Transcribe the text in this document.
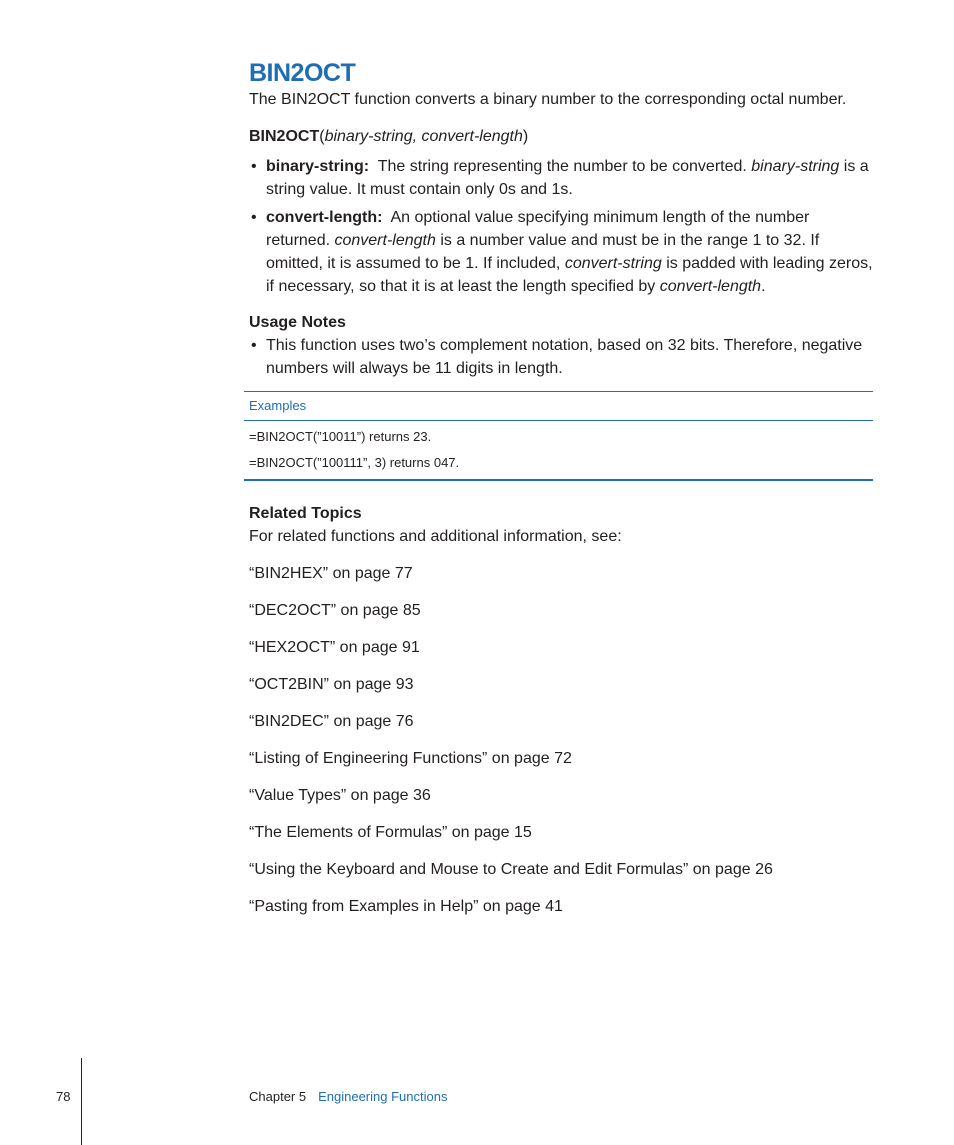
BIN2OCT

The BIN2OCT function converts a binary number to the corresponding octal number.

BIN2OCT(binary-string, convert-length)

• binary-string: The string representing the number to be converted. binary-string is a string value. It must contain only 0s and 1s.
• convert-length: An optional value specifying minimum length of the number returned. convert-length is a number value and must be in the range 1 to 32. If omitted, it is assumed to be 1. If included, convert-string is padded with leading zeros, if necessary, so that it is at least the length specified by convert-length.
Usage Notes
• This function uses two’s complement notation, based on 32 bits. Therefore, negative numbers will always be 11 digits in length.
Examples
=BIN2OCT(”10011”) returns 23.
=BIN2OCT(”100111”, 3) returns 047.
Related Topics

For related functions and additional information, see:

“BIN2HEX” on page 77

“DEC2OCT” on page 85

“HEX2OCT” on page 91

“OCT2BIN” on page 93

“BIN2DEC” on page 76

“Listing of Engineering Functions” on page 72

“Value Types” on page 36

“The Elements of Formulas” on page 15

“Using the Keyboard and Mouse to Create and Edit Formulas” on page 26

“Pasting from Examples in Help” on page 41

78	Chapter 5 Engineering Functions
